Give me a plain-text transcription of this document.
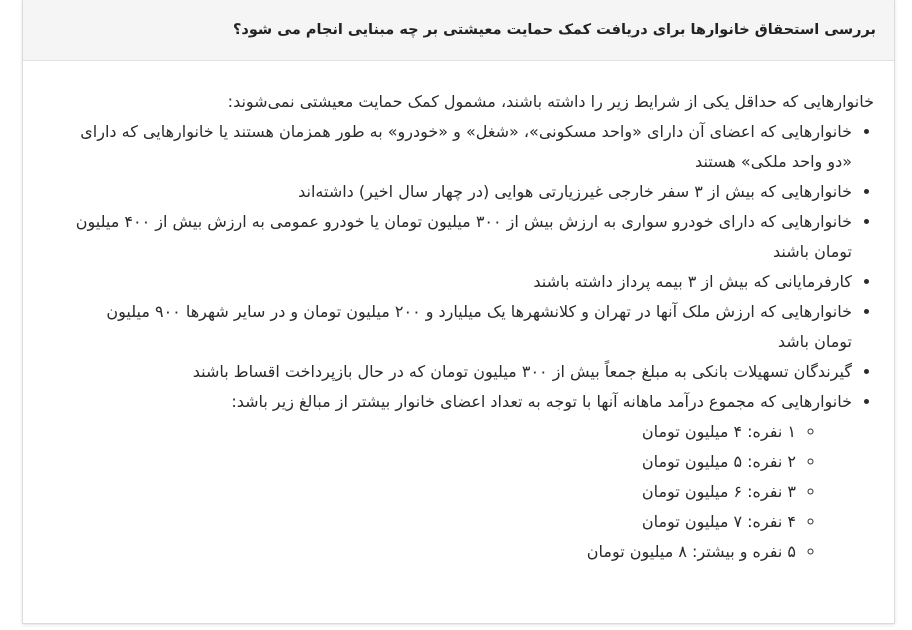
بررسی استحقاق خانوارها برای دریافت کمک حمایت معیشتی بر چه مبنایی انجام می شود؟

خانوارهایی که حداقل یکی از شرایط زیر را داشته باشند، مشمول کمک حمایت معیشتی نمی‌شوند:

• خانوارهایی که اعضای آن دارای «واحد مسکونی»، «شغل» و «خودرو» به طور همزمان هستند یا خانوارهایی که دارای «دو واحد ملکی» هستند
• خانوارهایی که بیش از ۳ سفر خارجی غیرزیارتی هوایی (در چهار سال اخیر) داشته‌اند
• خانوارهایی که دارای خودرو سواری به ارزش بیش از ۳۰۰ میلیون تومان یا خودرو عمومی به ارزش بیش از ۴۰۰ میلیون تومان باشند
• کارفرمایانی که بیش از ۳ بیمه پرداز داشته باشند
• خانوارهایی که ارزش ملک آنها در تهران و کلانشهرها یک میلیارد و ۲۰۰ میلیون تومان و در سایر شهرها ۹۰۰ میلیون تومان باشد
• گیرندگان تسهیلات بانکی به مبلغ جمعاً بیش از ۳۰۰ میلیون تومان که در حال بازپرداخت اقساط باشند
• خانوارهایی که مجموع درآمد ماهانه آنها با توجه به تعداد اعضای خانوار بیشتر از مبالغ زیر باشد:
◦ ۱ نفره: ۴ میلیون تومان
◦ ۲ نفره: ۵ میلیون تومان
◦ ۳ نفره: ۶ میلیون تومان
◦ ۴ نفره: ۷ میلیون تومان
◦ ۵ نفره و بیشتر: ۸ میلیون تومان
